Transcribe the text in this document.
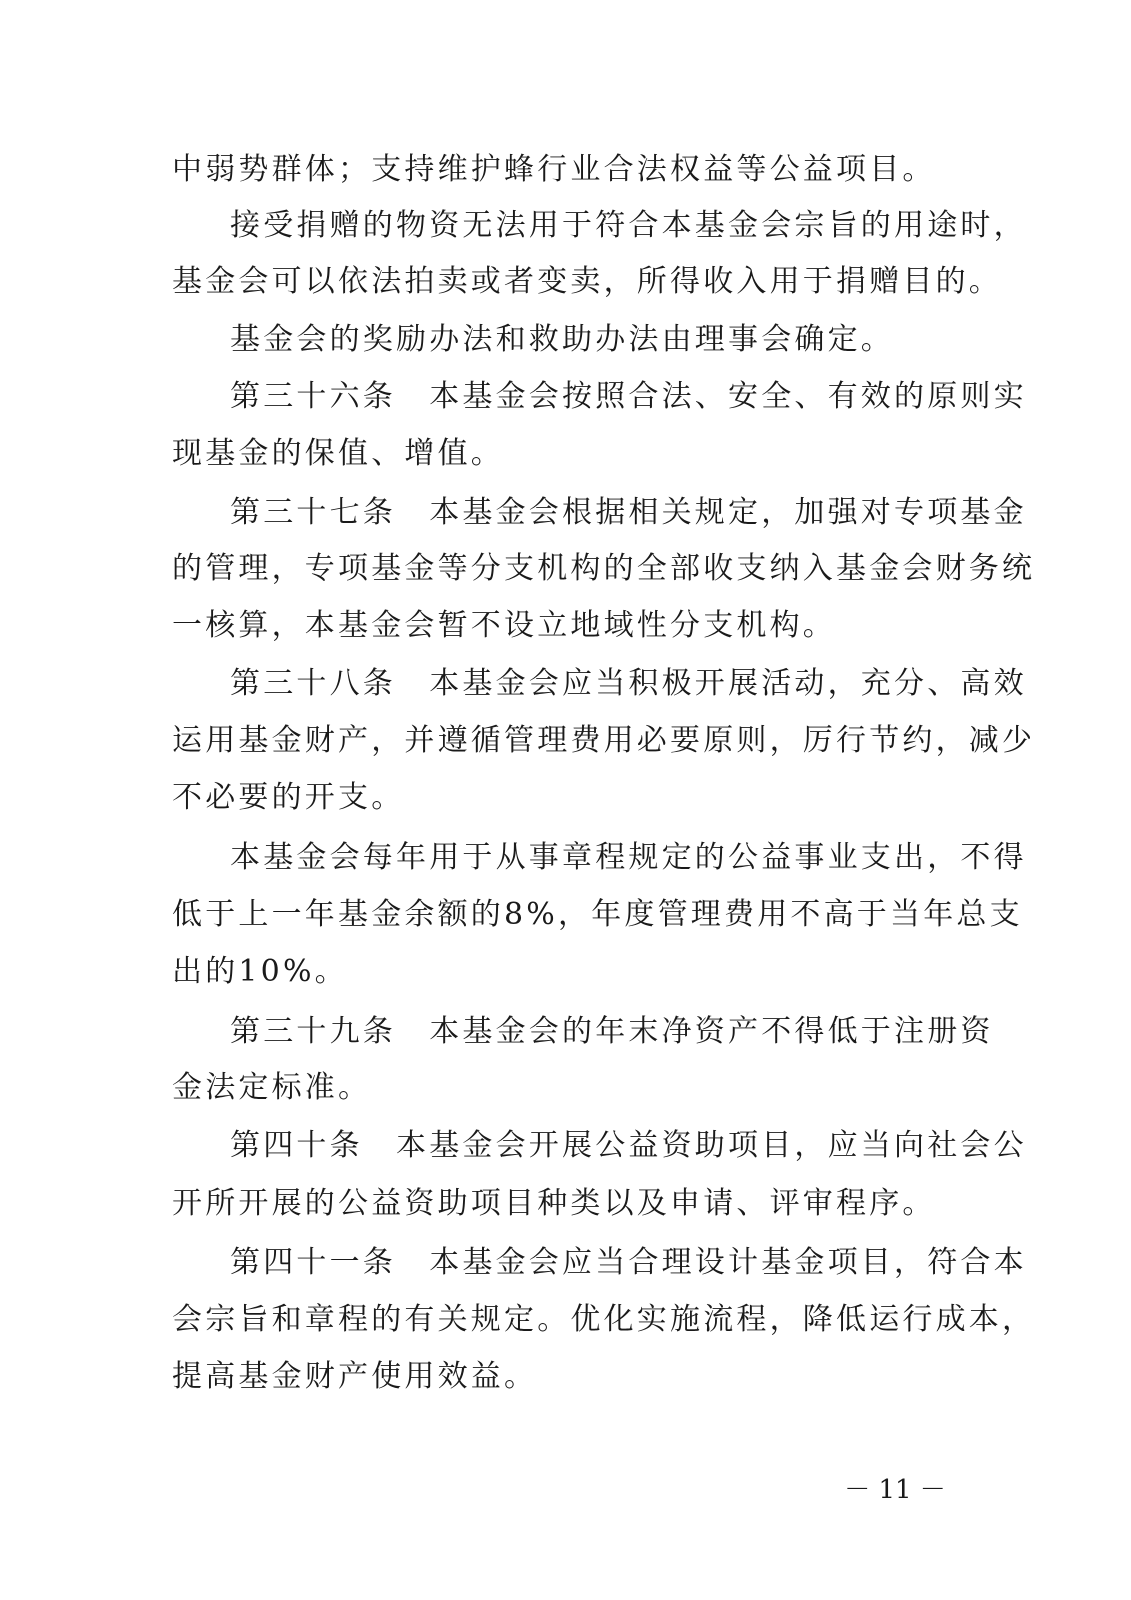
中弱势群体；支持维护蜂行业合法权益等公益项目。
接受捐赠的物资无法用于符合本基金会宗旨的用途时，
基金会可以依法拍卖或者变卖，所得收入用于捐赠目的。
基金会的奖励办法和救助办法由理事会确定。
第三十六条　本基金会按照合法、安全、有效的原则实
现基金的保值、增值。
第三十七条　本基金会根据相关规定，加强对专项基金
的管理，专项基金等分支机构的全部收支纳入基金会财务统
一核算，本基金会暂不设立地域性分支机构。
第三十八条　本基金会应当积极开展活动，充分、高效
运用基金财产，并遵循管理费用必要原则，厉行节约，减少
不必要的开支。
本基金会每年用于从事章程规定的公益事业支出，不得
低于上一年基金余额的8%，年度管理费用不高于当年总支
出的10%。
第三十九条　本基金会的年末净资产不得低于注册资
金法定标准。
第四十条　本基金会开展公益资助项目，应当向社会公
开所开展的公益资助项目种类以及申请、评审程序。
第四十一条　本基金会应当合理设计基金项目，符合本
会宗旨和章程的有关规定。优化实施流程，降低运行成本，
提高基金财产使用效益。
－ 11 －
